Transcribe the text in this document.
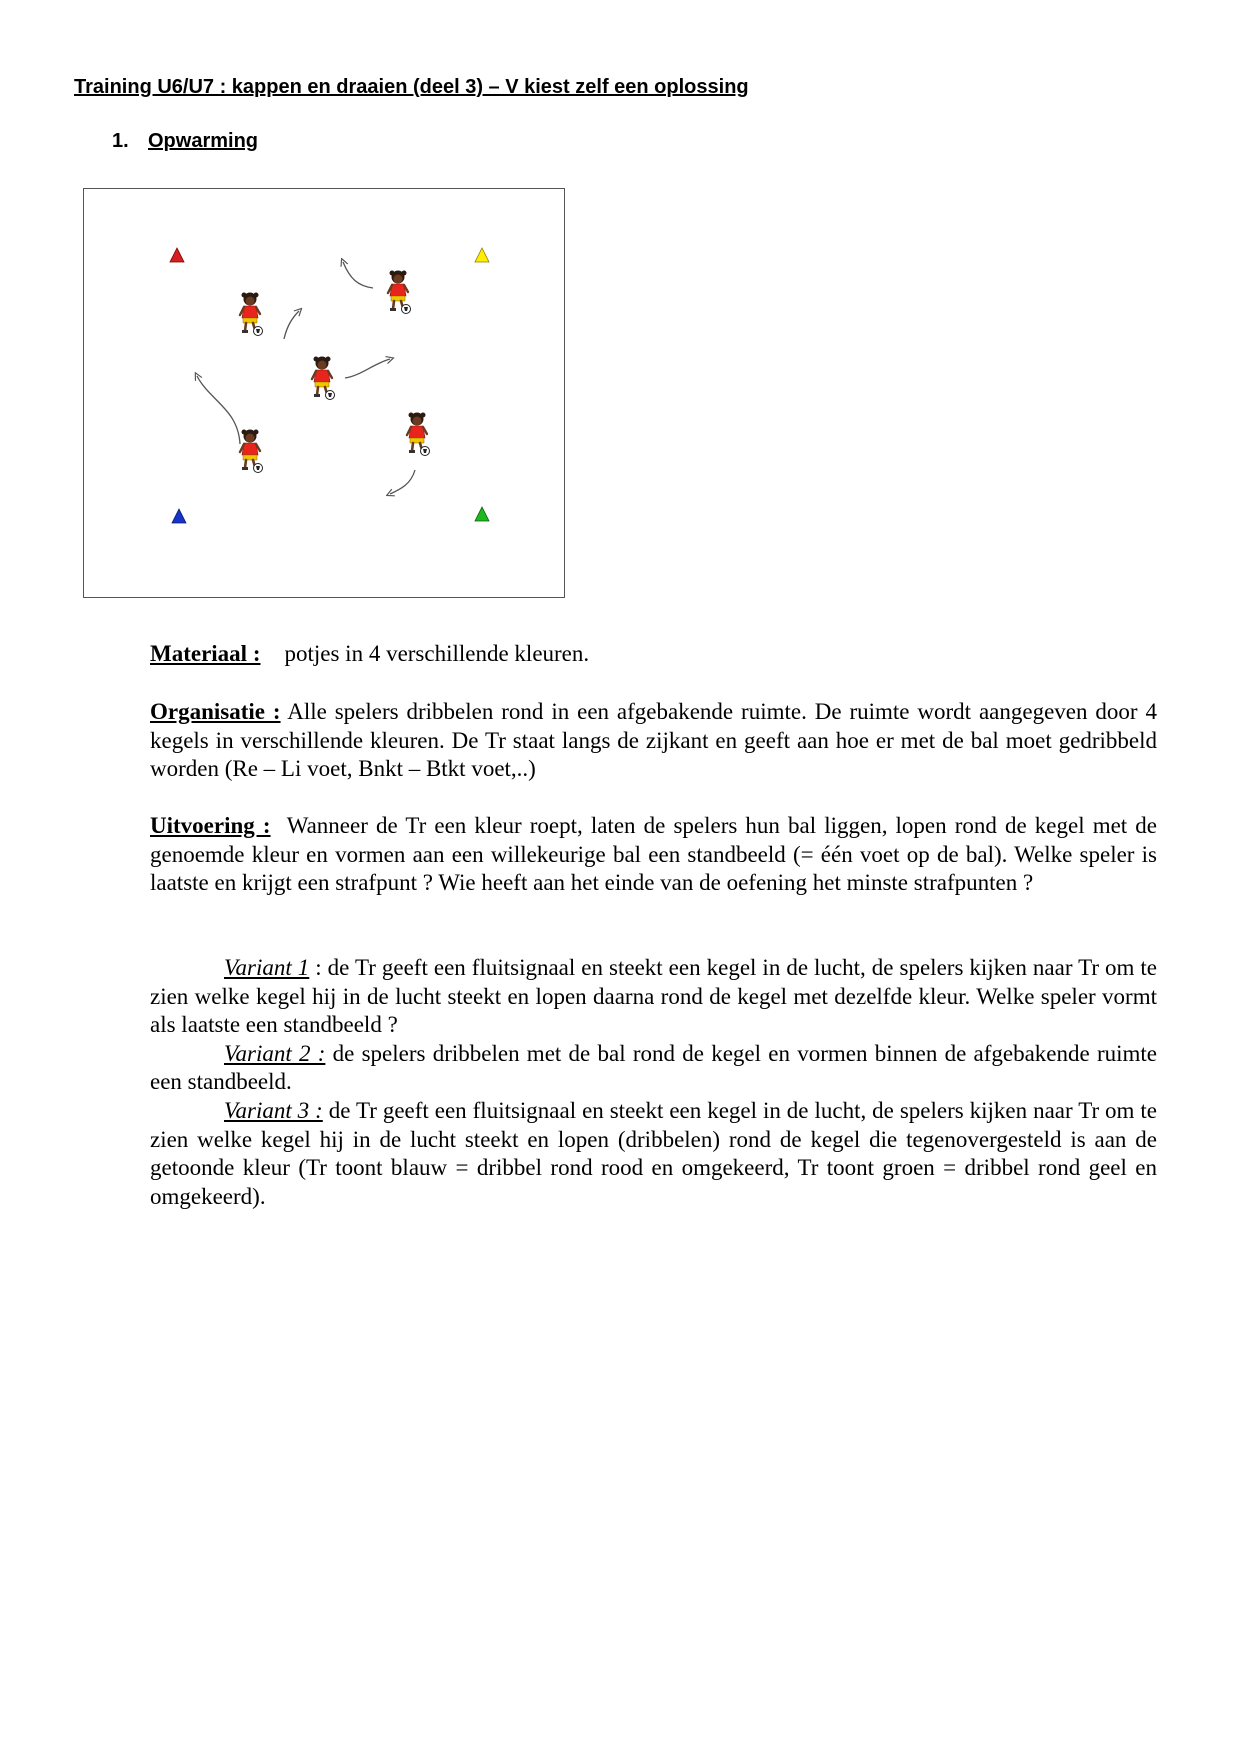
Training U6/U7 : kappen en draaien (deel 3) – V kiest zelf een oplossing
1. Opwarming

Materiaal : potjes in 4 verschillende kleuren.

Organisatie : Alle spelers dribbelen rond in een afgebakende ruimte. De ruimte wordt aangegeven door 4 kegels in verschillende kleuren. De Tr staat langs de zijkant en geeft aan hoe er met de bal moet gedribbeld worden (Re – Li voet, Bnkt – Btkt voet,..)

Uitvoering : Wanneer de Tr een kleur roept, laten de spelers hun bal liggen, lopen rond de kegel met de genoemde kleur en vormen aan een willekeurige bal een standbeeld (= één voet op de bal). Welke speler is laatste en krijgt een strafpunt ? Wie heeft aan het einde van de oefening het minste strafpunten ?

Variant 1 : de Tr geeft een fluitsignaal en steekt een kegel in de lucht, de spelers kijken naar Tr om te zien welke kegel hij in de lucht steekt en lopen daarna rond de kegel met dezelfde kleur. Welke speler vormt als laatste een standbeeld ?

Variant 2 : de spelers dribbelen met de bal rond de kegel en vormen binnen de afgebakende ruimte een standbeeld.

Variant 3 : de Tr geeft een fluitsignaal en steekt een kegel in de lucht, de spelers kijken naar Tr om te zien welke kegel hij in de lucht steekt en lopen (dribbelen) rond de kegel die tegenovergesteld is aan de getoonde kleur (Tr toont blauw = dribbel rond rood en omgekeerd, Tr toont groen = dribbel rond geel en omgekeerd).
